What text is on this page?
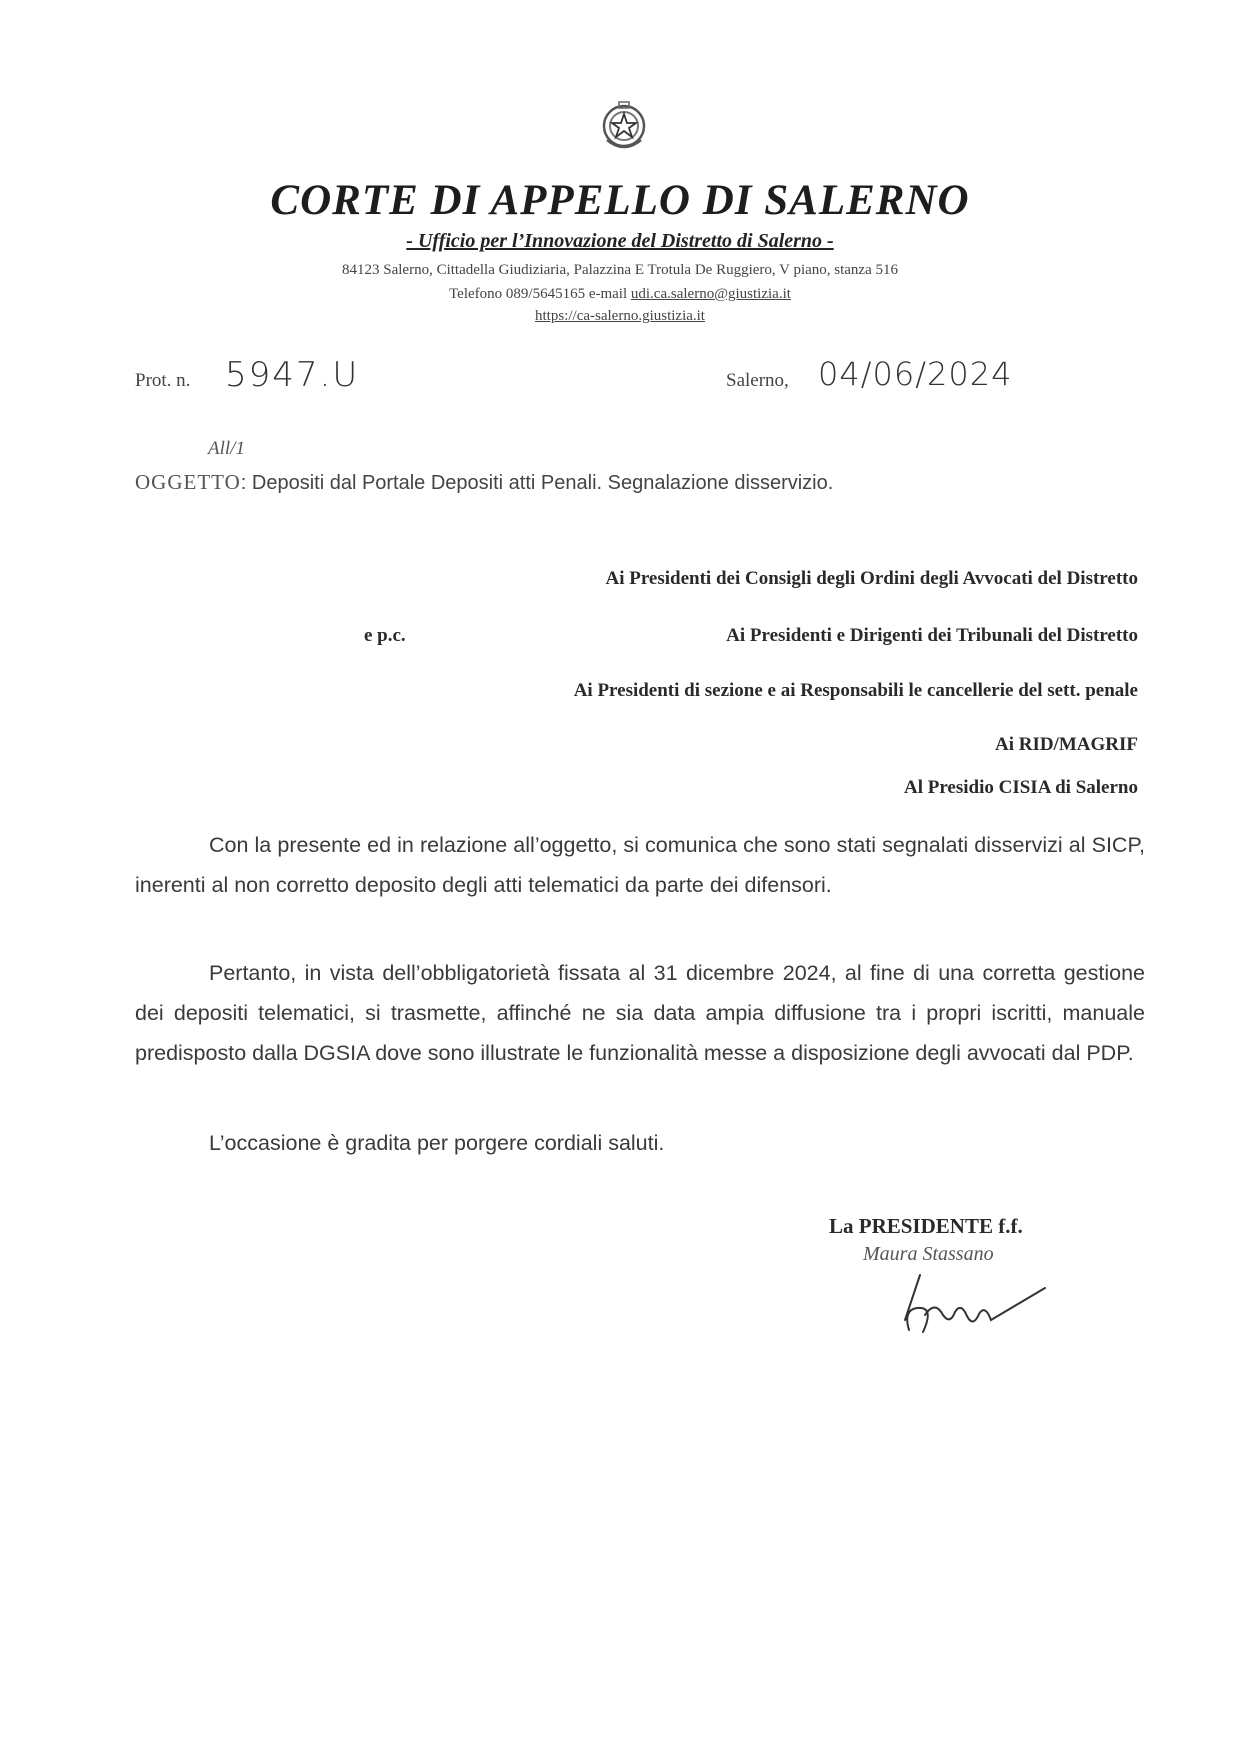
CORTE DI APPELLO DI SALERNO
- Ufficio per l’Innovazione del Distretto di Salerno -
84123 Salerno, Cittadella Giudiziaria, Palazzina E Trotula De Ruggiero, V piano, stanza 516
Telefono 089/5645165 e-mail udi.ca.salerno@giustizia.it
https://ca-salerno.giustizia.it
Prot. n. 5947.U	Salerno, 04/06/2024
All/1
OGGETTO: Depositi dal Portale Depositi atti Penali. Segnalazione disservizio.
Ai Presidenti dei Consigli degli Ordini degli Avvocati del Distretto
e p.c.	Ai Presidenti e Dirigenti dei Tribunali del Distretto
Ai Presidenti di sezione e ai Responsabili le cancellerie del sett. penale
Ai RID/MAGRIF
Al Presidio CISIA di Salerno
Con la presente ed in relazione all’oggetto, si comunica che sono stati segnalati disservizi al SICP, inerenti al non corretto deposito degli atti telematici da parte dei difensori.
Pertanto, in vista dell’obbligatorietà fissata al 31 dicembre 2024, al fine di una corretta gestione dei depositi telematici, si trasmette, affinché ne sia data ampia diffusione tra i propri iscritti, manuale predisposto dalla DGSIA dove sono illustrate le funzionalità messe a disposizione degli avvocati dal PDP.
L’occasione è gradita per porgere cordiali saluti.
La PRESIDENTE f.f.
Maura Stassano
